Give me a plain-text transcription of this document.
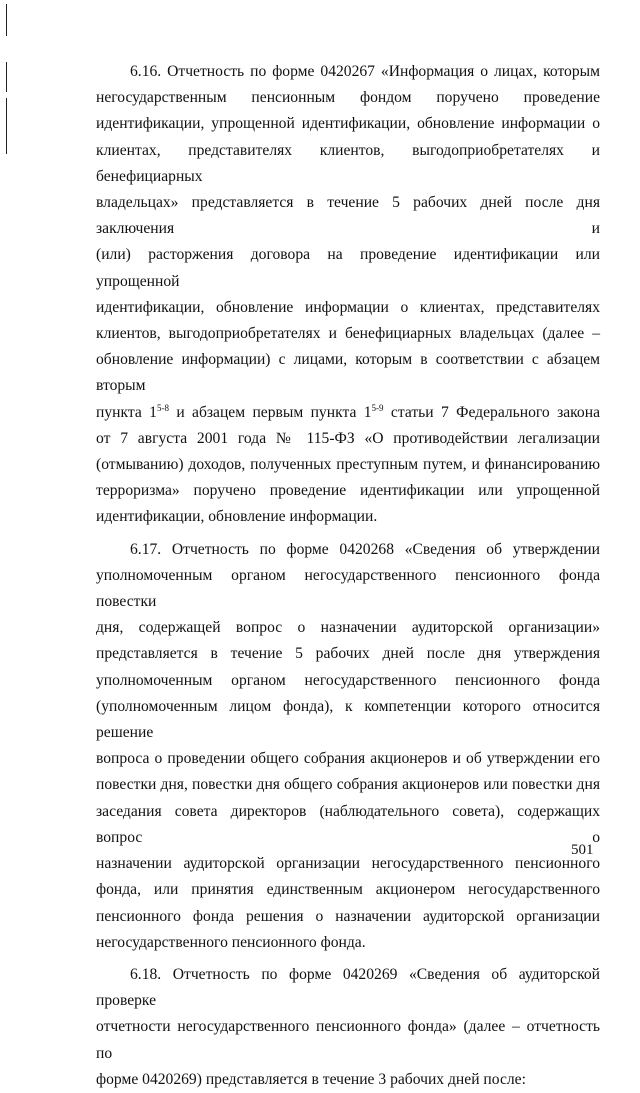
6.16. Отчетность по форме 0420267 «Информация о лицах, которым
негосударственным пенсионным фондом поручено проведение
идентификации, упрощенной идентификации, обновление информации о
клиентах, представителях клиентов, выгодоприобретателях и бенефициарных
владельцах» представляется в течение 5 рабочих дней после дня заключения и
(или) расторжения договора на проведение идентификации или упрощенной
идентификации, обновление информации о клиентах, представителях
клиентов, выгодоприобретателях и бенефициарных владельцах (далее –
обновление информации) с лицами, которым в соответствии с абзацем вторым
пункта 1$^{5-8}$ и абзацем первым пункта 1$^{5-9}$ статьи 7 Федерального закона
от 7 августа 2001 года № 115-ФЗ «О противодействии легализации
(отмыванию) доходов, полученных преступным путем, и финансированию
терроризма» поручено проведение идентификации или упрощенной
идентификации, обновление информации.

6.17. Отчетность по форме 0420268 «Сведения об утверждении
уполномоченным органом негосударственного пенсионного фонда повестки
дня, содержащей вопрос о назначении аудиторской организации»
представляется в течение 5 рабочих дней после дня утверждения
уполномоченным органом негосударственного пенсионного фонда
(уполномоченным лицом фонда), к компетенции которого относится решение
вопроса о проведении общего собрания акционеров и об утверждении его
повестки дня, повестки дня общего собрания акционеров или повестки дня
заседания совета директоров (наблюдательного совета), содержащих вопрос о
назначении аудиторской организации негосударственного пенсионного
фонда, или принятия единственным акционером негосударственного
пенсионного фонда решения о назначении аудиторской организации
негосударственного пенсионного фонда.

6.18. Отчетность по форме 0420269 «Сведения об аудиторской проверке
отчетности негосударственного пенсионного фонда» (далее – отчетность по
форме 0420269) представляется в течение 3 рабочих дней после:

501
